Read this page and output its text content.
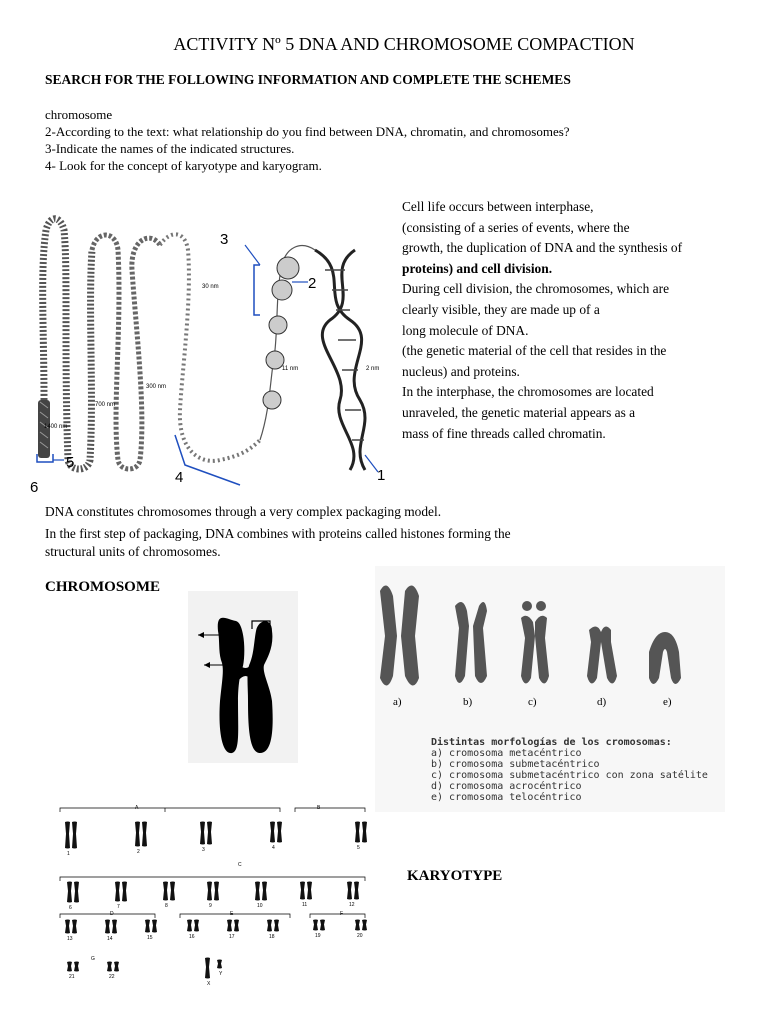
ACTIVITY Nº 5 DNA AND CHROMOSOME COMPACTION
SEARCH FOR THE FOLLOWING INFORMATION AND COMPLETE THE SCHEMES
chromosome
2-According to the text: what relationship do you find between DNA, chromatin, and chromosomes?
3-Indicate the names of the indicated structures.
4- Look for the concept of karyotype and karyogram.
3
2
4	1
5
6
1400 nm
700 nm
300 nm
30 nm
11 nm	2 nm
Cell life occurs between interphase,
(consisting of a series of events, where the
growth, the duplication of DNA and the synthesis of
proteins) and cell division.
During cell division, the chromosomes, which are
clearly visible, they are made up of a
long molecule of DNA.
(the genetic material of the cell that resides in the
nucleus) and proteins.
In the interphase, the chromosomes are located
unraveled, the genetic material appears as a
mass of fine threads called chromatin.
DNA constitutes chromosomes through a very complex packaging model.
In the first step of packaging, DNA combines with proteins called histones forming the
structural units of chromosomes.
CHROMOSOME
a)	b)	c)	d)	e)
Distintas morfologías de los cromosomas:
a) cromosoma metacéntrico
b) cromosoma submetacéntrico
c) cromosoma submetacéntrico con zona satélite
d) cromosoma acrocéntrico
e) cromosoma telocéntrico
A	B
C
D	E	F
G
1	2	3	4	5
6	7	8	9	10	11	12
13	14	15	16	17	18	19	20
21	22
X
Y
KARYOTYPE
